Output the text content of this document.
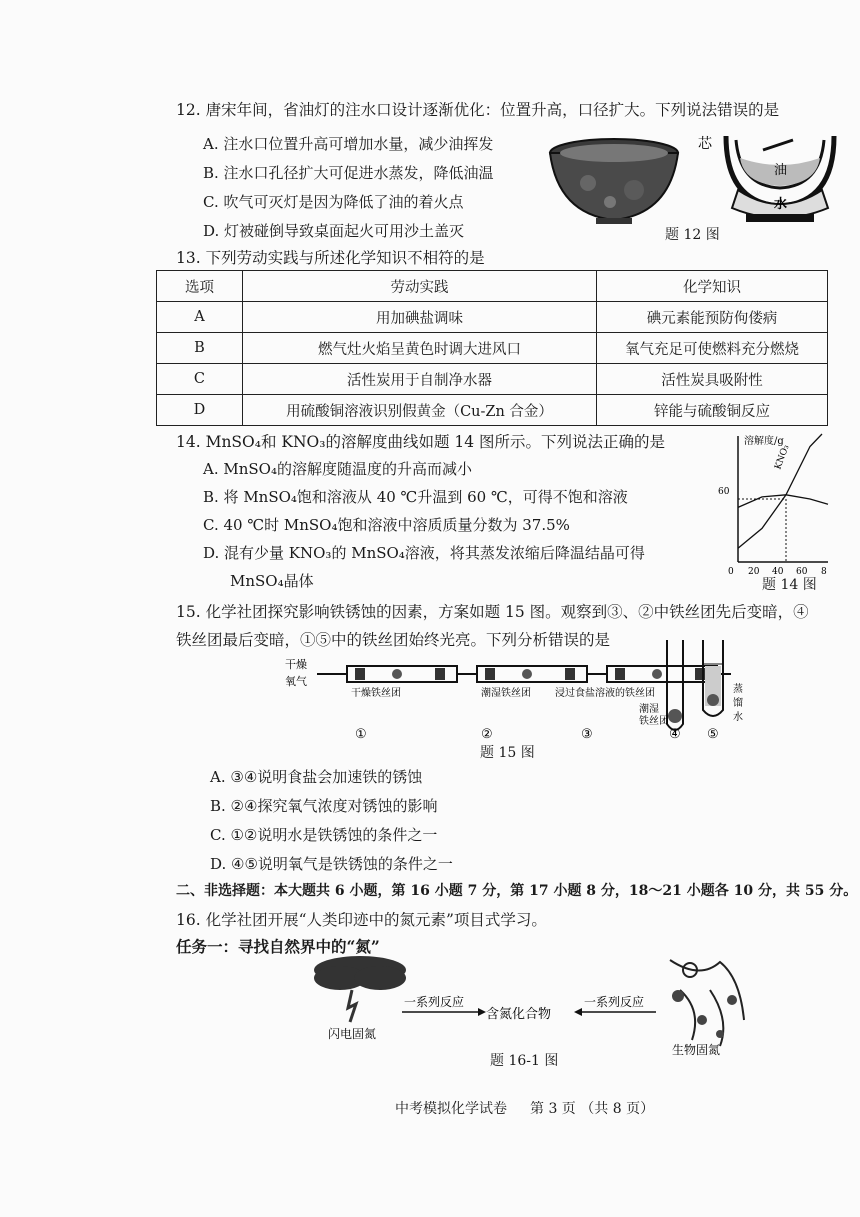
12. 唐宋年间，省油灯的注水口设计逐渐优化：位置升高，口径扩大。下列说法错误的是
A. 注水口位置升高可增加水量，减少油挥发
B. 注水口孔径扩大可促进水蒸发，降低油温
C. 吹气可灭灯是因为降低了油的着火点
D. 灯被碰倒导致桌面起火可用沙土盖灭
芯
油
水
题 12 图
13. 下列劳动实践与所述化学知识不相符的是
选项	劳动实践	化学知识
A	用加碘盐调味	碘元素能预防佝偻病
B	燃气灶火焰呈黄色时调大进风口	氧气充足可使燃料充分燃烧
C	活性炭用于自制净水器	活性炭具吸附性
D	用硫酸铜溶液识别假黄金（Cu-Zn 合金）	锌能与硫酸铜反应
14. MnSO₄和 KNO₃的溶解度曲线如题 14 图所示。下列说法正确的是
A. MnSO₄的溶解度随温度的升高而减小
B. 将 MnSO₄饱和溶液从 40 ℃升温到 60 ℃，可得不饱和溶液
C. 40 ℃时 MnSO₄饱和溶液中溶质质量分数为 37.5%
D. 混有少量 KNO₃的 MnSO₄溶液，将其蒸发浓缩后降温结晶可得
MnSO₄晶体
溶解度/g
60
0 20 40 60 8
KNO₃
题 14 图
15. 化学社团探究影响铁锈蚀的因素，方案如题 15 图。观察到③、②中铁丝团先后变暗，④
铁丝团最后变暗，①⑤中的铁丝团始终光亮。下列分析错误的是
干燥
氧气
干燥铁丝团	潮湿铁丝团 浸过食盐溶液的铁丝团
①	②	③
潮湿
铁丝团
④ ⑤
蒸
馏
水
题 15 图
A. ③④说明食盐会加速铁的锈蚀
B. ②④探究氧气浓度对锈蚀的影响
C. ①②说明水是铁锈蚀的条件之一
D. ④⑤说明氧气是铁锈蚀的条件之一
二、非选择题：本大题共 6 小题，第 16 小题 7 分，第 17 小题 8 分，18～21 小题各 10 分，共 55 分。
16. 化学社团开展“人类印迹中的氮元素”项目式学习。
任务一：寻找自然界中的“氮”
一系列反应
含氮化合物
一系列反应
闪电固氮
生物固氮
题 16-1 图
中考模拟化学试卷 第 3 页 （共 8 页）
